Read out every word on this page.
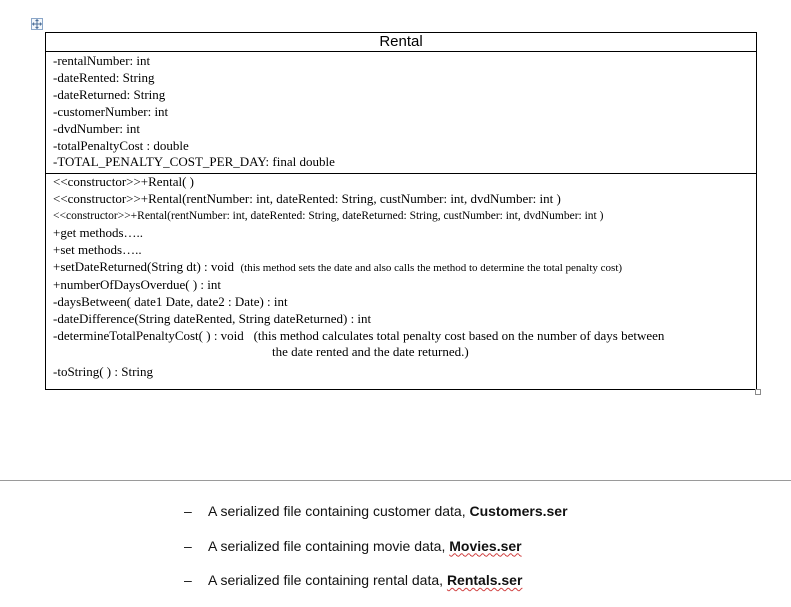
Rental
-rentalNumber: int
-dateRented: String
-dateReturned: String
-customerNumber: int
-dvdNumber: int
-totalPenaltyCost : double
-TOTAL_PENALTY_COST_PER_DAY: final double
<<constructor>>+Rental( )
<<constructor>>+Rental(rentNumber: int, dateRented: String, custNumber: int, dvdNumber: int )
<<constructor>>+Rental(rentNumber: int, dateRented: String, dateReturned: String, custNumber: int, dvdNumber: int )
+get methods…..
+set methods…..
+setDateReturned(String dt) : void (this method sets the date and also calls the method to determine the total penalty cost)
+numberOfDaysOverdue( ) : int
-daysBetween( date1 Date, date2 : Date) : int
-dateDifference(String dateRented, String dateReturned) : int
-determineTotalPenaltyCost( ) : void (this method calculates total penalty cost based on the number of days between
the date rented and the date returned.)
-toString( ) : String
–	A serialized file containing customer data, Customers.ser
–	A serialized file containing movie data, Movies.ser
–	A serialized file containing rental data, Rentals.ser
